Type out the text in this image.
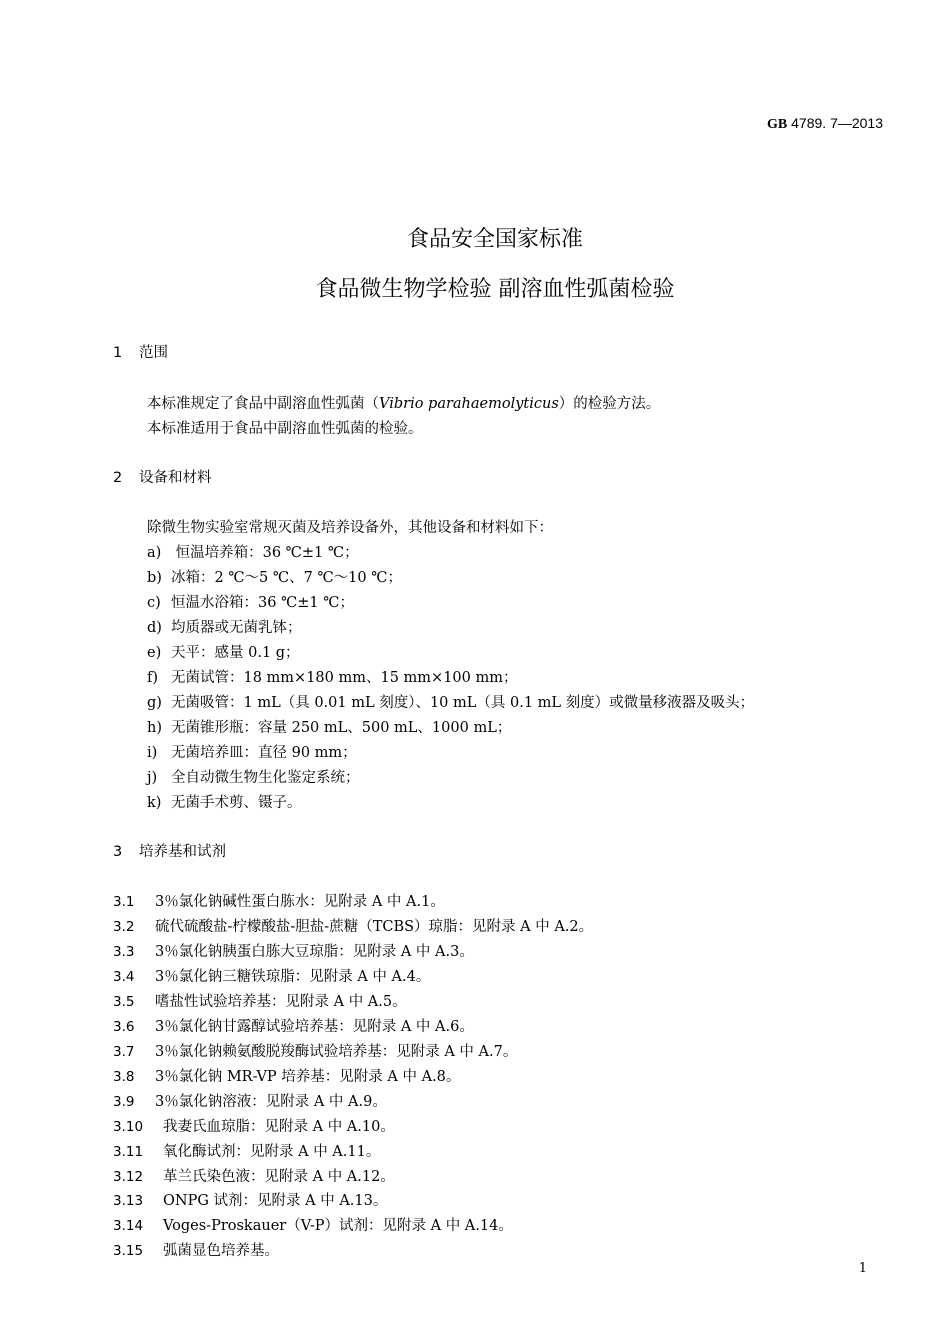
GB 4789. 7—2013
食品安全国家标准
食品微生物学检验 副溶血性弧菌检验
1 范围
本标准规定了食品中副溶血性弧菌（Vibrio parahaemolyticus）的检验方法。
本标准适用于食品中副溶血性弧菌的检验。
2 设备和材料
除微生物实验室常规灭菌及培养设备外，其他设备和材料如下：
a) 恒温培养箱：36 ℃±1 ℃；
b) 冰箱：2 ℃～5 ℃、7 ℃～10 ℃；
c) 恒温水浴箱：36 ℃±1 ℃；
d) 均质器或无菌乳钵；
e) 天平：感量 0.1 g；
f) 无菌试管：18 mm×180 mm、15 mm×100 mm；
g) 无菌吸管：1 mL（具 0.01 mL 刻度）、10 mL（具 0.1 mL 刻度）或微量移液器及吸头；
h) 无菌锥形瓶：容量 250 mL、500 mL、1000 mL；
i) 无菌培养皿：直径 90 mm；
j) 全自动微生物生化鉴定系统；
k) 无菌手术剪、镊子。
3 培养基和试剂
3.1 3％氯化钠碱性蛋白胨水：见附录 A 中 A.1。
3.2 硫代硫酸盐-柠檬酸盐-胆盐-蔗糖（TCBS）琼脂：见附录 A 中 A.2。
3.3 3％氯化钠胰蛋白胨大豆琼脂：见附录 A 中 A.3。
3.4 3％氯化钠三糖铁琼脂：见附录 A 中 A.4。
3.5 嗜盐性试验培养基：见附录 A 中 A.5。
3.6 3％氯化钠甘露醇试验培养基：见附录 A 中 A.6。
3.7 3％氯化钠赖氨酸脱羧酶试验培养基：见附录 A 中 A.7。
3.8 3％氯化钠 MR-VP 培养基：见附录 A 中 A.8。
3.9 3％氯化钠溶液：见附录 A 中 A.9。
3.10 我妻氏血琼脂：见附录 A 中 A.10。
3.11 氧化酶试剂：见附录 A 中 A.11。
3.12 革兰氏染色液：见附录 A 中 A.12。
3.13 ONPG 试剂：见附录 A 中 A.13。
3.14 Voges-Proskauer（V-P）试剂：见附录 A 中 A.14。
3.15 弧菌显色培养基。
1
